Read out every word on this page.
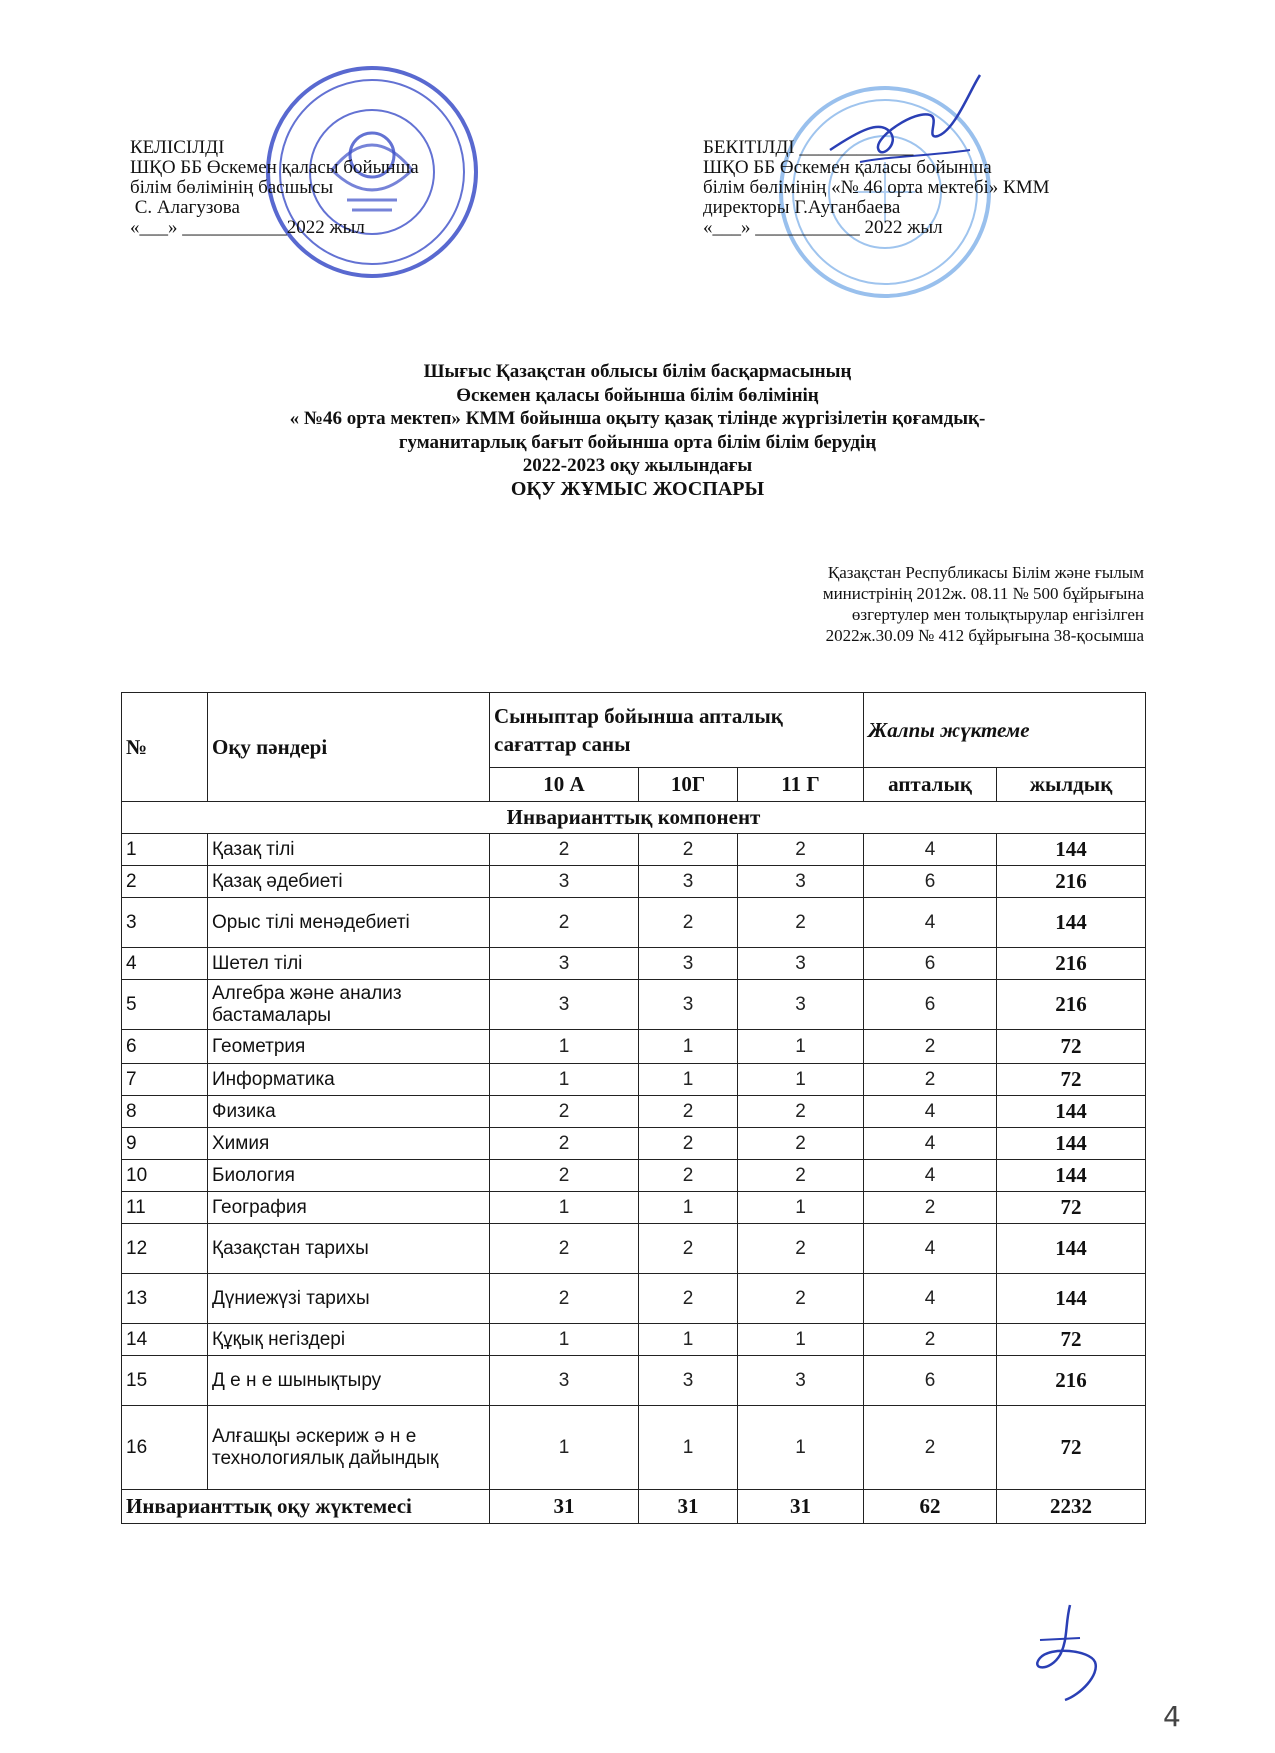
КЕЛІСІЛДІ
ШҚО ББ Өскемен қаласы бойынша
білім бөлімінің басшысы
С. Алагузова
«___» ___________2022 жыл
БЕКІТІЛДІ ____________
ШҚО ББ Өскемен қаласы бойынша
білім бөлімінің «№ 46 орта мектебі» КММ
директоры Г.Ауганбаева
«___» ___________ 2022 жыл
Шығыс Қазақстан облысы білім басқармасының
Өскемен қаласы бойынша білім бөлімінің
« №46 орта мектеп» КММ бойынша оқыту қазақ тілінде жүргізілетін қоғамдық-
гуманитарлық бағыт бойынша орта білім білім берудің
2022-2023 оқу жылындағы
ОҚУ ЖҰМЫС ЖОСПАРЫ
Қазақстан Республикасы Білім және ғылым
министрінің 2012ж. 08.11 № 500 бұйрығына
өзгертулер мен толықтырулар енгізілген
2022ж.30.09 № 412 бұйрығына 38-қосымша
№	Оқу пәндері	Сыныптар бойынша апталық сағаттар саны			Жалпы жүктеме	
		10 А	10Г	11 Г	апталық	жылдық
Инварианттық компонент						
1	Қазақ тілі	2	2	2	4	144
2	Қазақ әдебиеті	3	3	3	6	216
3	Орыс тілі менәдебиеті	2	2	2	4	144
4	Шетел тілі	3	3	3	6	216
5	Алгебра және анализ бастамалары	3	3	3	6	216
6	Геометрия	1	1	1	2	72
7	Информатика	1	1	1	2	72
8	Физика	2	2	2	4	144
9	Химия	2	2	2	4	144
10	Биология	2	2	2	4	144
11	География	1	1	1	2	72
12	Қазақстан тарихы	2	2	2	4	144
13	Дүниежүзі тарихы	2	2	2	4	144
14	Құқық негіздері	1	1	1	2	72
15	Д е н е шынықтыру	3	3	3	6	216
16	Алғашқы әскериж ә н е технологиялық дайындық	1	1	1	2	72
Инварианттық оқу жүктемесі		31	31	31	62	2232
4
